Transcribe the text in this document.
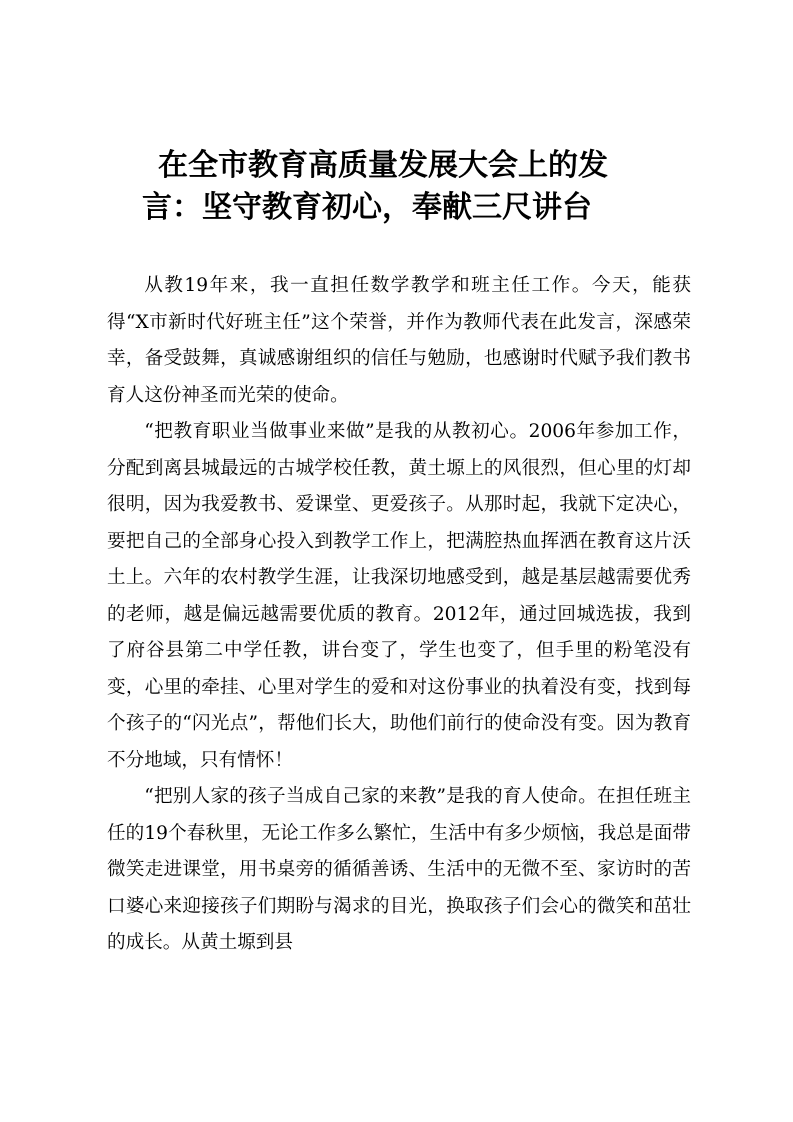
在全市教育高质量发展大会上的发
言：坚守教育初心，奉献三尺讲台

从教19年来，我一直担任数学教学和班主任工作。今天，能获得“X市新时代好班主任”这个荣誉，并作为教师代表在此发言，深感荣幸，备受鼓舞，真诚感谢组织的信任与勉励，也感谢时代赋予我们教书育人这份神圣而光荣的使命。

“把教育职业当做事业来做”是我的从教初心。2006年参加工作，分配到离县城最远的古城学校任教，黄土塬上的风很烈，但心里的灯却很明，因为我爱教书、爱课堂、更爱孩子。从那时起，我就下定决心，要把自己的全部身心投入到教学工作上，把满腔热血挥洒在教育这片沃土上。六年的农村教学生涯，让我深切地感受到，越是基层越需要优秀的老师，越是偏远越需要优质的教育。2012年，通过回城选拔，我到了府谷县第二中学任教，讲台变了，学生也变了，但手里的粉笔没有变，心里的牵挂、心里对学生的爱和对这份事业的执着没有变，找到每个孩子的“闪光点”，帮他们长大，助他们前行的使命没有变。因为教育不分地域，只有情怀！

“把别人家的孩子当成自己家的来教”是我的育人使命。在担任班主任的19个春秋里，无论工作多么繁忙，生活中有多少烦恼，我总是面带微笑走进课堂，用书桌旁的循循善诱、生活中的无微不至、家访时的苦口婆心来迎接孩子们期盼与渴求的目光，换取孩子们会心的微笑和茁壮的成长。从黄土塬到县
